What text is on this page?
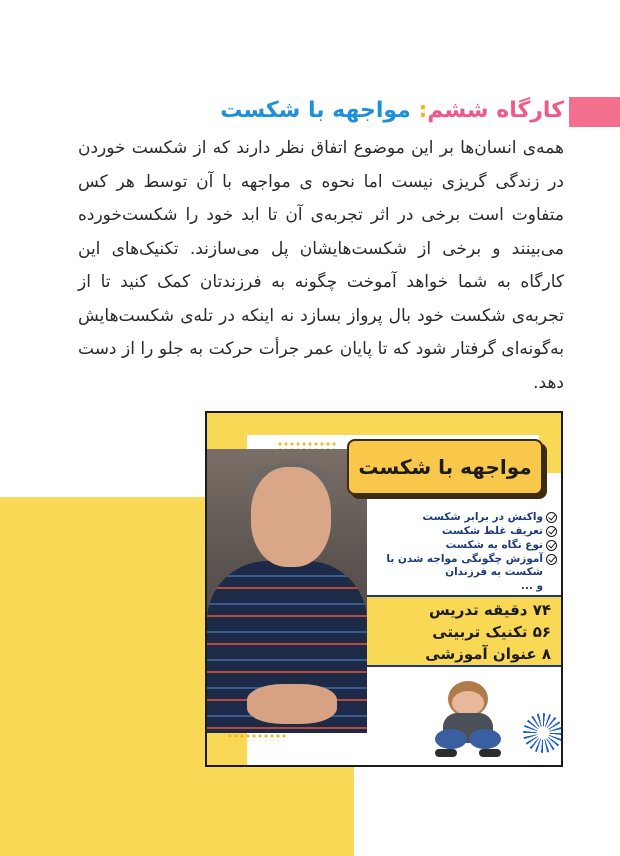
کارگاه ششم: مواجهه با شکست

همه‌ی انسان‌ها بر این موضوع اتفاق نظر دارند که از شکست خوردن در زندگی گریزی نیست اما نحوه ی مواجهه با آن توسط هر کس متفاوت است برخی در اثر تجربه‌ی آن تا ابد خود را شکست‌خورده می‌بینند و برخی از شکست‌هایشان پل می‌سازند. تکنیک‌های این کارگاه به شما خواهد آموخت چگونه به فرزندتان کمک کنید تا از تجربه‌ی شکست خود بال پرواز بسازد نه اینکه در تله‌ی شکست‌هایش به‌گونه‌ای گرفتار شود که تا پایان عمر جرأت حرکت به جلو را از دست دهد.

مواجهه با شکست
واکنش در برابر شکست
تعریف غلط شکست
نوع نگاه به شکست
آموزش چگونگی مواجه شدن با شکست به فرزندان
و ...
۷۴ دقیقه تدریس
۵۶ تکنیک تربیتی
۸ عنوان آموزشی
